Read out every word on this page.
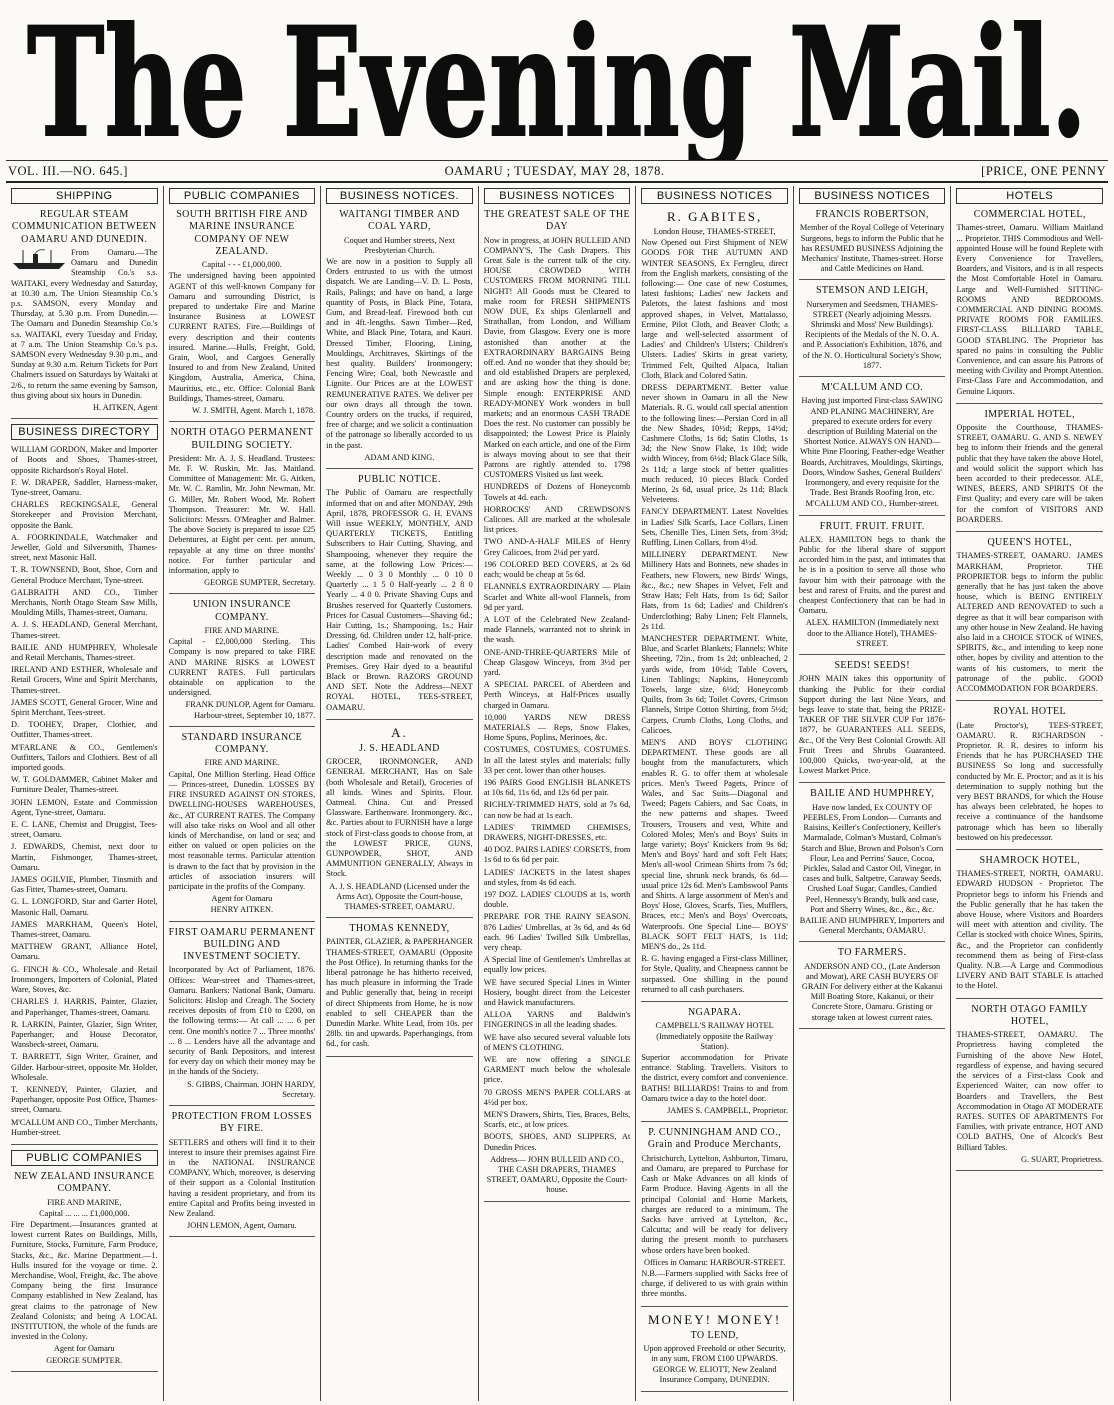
The Evening Mail.
VOL. III.—NO. 645.]	OAMARU ; TUESDAY, MAY 28, 1878.	[PRICE, ONE PENNY
SHIPPING

REGULAR STEAM COMMUNICATION BETWEEN OAMARU AND DUNEDIN.

From Oamaru.—The Oamaru and Dunedin Steamship Co.'s s.s. WAITAKI, every Wednesday and Saturday, at 10.30 a.m. The Union Steamship Co.'s p.s. SAMSON, every Monday and Thursday, at 5.30 p.m. From Dunedin.—The Oamaru and Dunedin Steamship Co.'s s.s. WAITAKI, every Tuesday and Friday, at 7 a.m. The Union Steamship Co.'s p.s. SAMSON every Wednesday 9.30 p.m., and Sunday at 9.30 a.m. Return Tickets for Port Chalmers issued on Saturdays by Waitaki at 2/6., to return the same evening by Samson, thus giving about six hours in Dunedin.

H. AITKEN, Agent

BUSINESS DIRECTORY

WILLIAM GORDON, Maker and Importer of Boots and Shoes, Thames-street, opposite Richardson's Royal Hotel.

F. W. DRAPER, Saddler, Harness-maker, Tyne-street, Oamaru.

CHARLES RECKINGSALE, General Storekeeper and Provision Merchant, opposite the Bank.

A. FOORKINDALE, Watchmaker and Jeweller, Gold and Silversmith, Thames-street, next Masonic Hall.

T. R. TOWNSEND, Boot, Shoe, Corn and General Produce Merchant, Tyne-street.

GALBRAITH AND CO., Timber Merchants, North Otago Steam Saw Mills, Moulding Mills, Thames-street, Oamaru.

A. J. S. HEADLAND, General Merchant, Thames-street.

BAILIE AND HUMPHREY, Wholesale and Retail Merchants, Thames-street.

IRELAND AND ESTHER, Wholesale and Retail Grocers, Wine and Spirit Merchants, Thames-street.

JAMES SCOTT, General Grocer, Wine and Spirit Merchant, Tees-street.

D. TOOHEY, Draper, Clothier, and Outfitter, Thames-street.

M'FARLANE & CO., Gentlemen's Outfitters, Tailors and Clothiers. Best of all imported goods.

W. T. GOLDAMMER, Cabinet Maker and Furniture Dealer, Thames-street.

JOHN LEMON, Estate and Commission Agent, Tyne-street, Oamaru.

E. C. LANE, Chemist and Druggist, Tees-street, Oamaru.

J. EDWARDS, Chemist, next door to Martin, Fishmonger, Thames-street, Oamaru.

JAMES OGILVIE, Plumber, Tinsmith and Gas Fitter, Thames-street, Oamaru.

G. L. LONGFORD, Star and Garter Hotel, Masonic Hall, Oamaru.

JAMES MARKHAM, Queen's Hotel, Thames-street, Oamaru.

MATTHEW GRANT, Alliance Hotel, Oamaru.

G. FINCH & CO., Wholesale and Retail Ironmongers, Importers of Colonial, Plated Ware, Stoves, &c.

CHARLES J. HARRIS, Painter, Glazier, and Paperhanger, Thames-street, Oamaru.

R. LARKIN, Painter, Glazier, Sign Writer, Paperhanger, and House Decorator, Wansbeck-street, Oamaru.

T. BARRETT, Sign Writer, Grainer, and Gilder. Harbour-street, opposite Mr. Holder, Wholesale.

T. KENNEDY, Painter, Glazier, and Paperhanger, opposite Post Office, Thames-street, Oamaru.

M'CALLUM AND CO., Timber Merchants, Humber-street.

PUBLIC COMPANIES

NEW ZEALAND INSURANCE COMPANY.

FIRE AND MARINE,

Capital ... ... ... £1,000,000.

Fire Department.—Insurances granted at lowest current Rates on Buildings, Mills, Furniture, Stocks, Furniture, Farm Produce, Stacks, &c., &c. Marine Department.—1. Hulls insured for the voyage or time. 2. Merchandise, Wool, Freight, &c. The above Company being the first Insurance Company established in New Zealand, has great claims to the patronage of New Zealand Colonists; and being A LOCAL INSTITUTION, the whole of the funds are invested in the Colony.

Agent for Oamaru

GEORGE SUMPTER.

PUBLIC COMPANIES

SOUTH BRITISH FIRE AND MARINE INSURANCE COMPANY OF NEW ZEALAND.

Capital - - - £1,000,000.

The undersigned having been appointed AGENT of this well-known Company for Oamaru and surrounding District, is prepared to undertake Fire and Marine Insurance Business at LOWEST CURRENT RATES. Fire.—Buildings of every description and their contents insured. Marine.—Hulls, Freight, Gold, Grain, Wool, and Cargoes Generally Insured to and from New Zealand, United Kingdom, Australia, America, China, Mauritius, etc., etc. Office: Colonial Bank Buildings, Thames-street, Oamaru.

W. J. SMITH, Agent. March 1, 1878.

NORTH OTAGO PERMANENT BUILDING SOCIETY.

President: Mr. A. J. S. Headland. Trustees: Mr. F. W. Ruskin, Mr. Jas. Maitland. Committee of Management: Mr. G. Aitken, Mr. W. C. Ramlin, Mr. John Newman, Mr. G. Miller, Mr. Robert Wood, Mr. Robert Thompson. Treasurer: Mr. W. Hall. Solicitors: Messrs. O'Meagher and Balmer. The above Society is prepared to issue £25 Debentures, at Eight per cent. per annum, repayable at any time on three months' notice. For further particular and information, apply to

GEORGE SUMPTER, Secretary.

UNION INSURANCE COMPANY.

FIRE AND MARINE.

Capital - £2,000,000 Sterling. This Company is now prepared to take FIRE AND MARINE RISKS at LOWEST CURRENT RATES. Full particulars obtainable on application to the undersigned.

FRANK DUNLOP, Agent for Oamaru. Harbour-street, September 10, 1877.

STANDARD INSURANCE COMPANY.

FIRE AND MARINE.

Capital, One Million Sterling. Head Office — Princes-street, Dunedin. LOSSES BY FIRE INSURED AGAINST ON STORES, DWELLING-HOUSES WAREHOUSES, &c., AT CURRENT RATES. The Company will also take risks on Wool and all other kinds of Merchandise, on land or sea; and either on valued or open policies on the most reasonable terms. Particular attention is drawn to the fact that by provision in the articles of association insurers will participate in the profits of the Company.

Agent for Oamaru

HENRY AITKEN.

FIRST OAMARU PERMANENT BUILDING AND INVESTMENT SOCIETY.

Incorporated by Act of Parliament, 1876. Offices: Wear-street and Thames-street, Oamaru. Bankers: National Bank, Oamaru. Solicitors: Hislop and Creagh. The Society receives deposits of from £10 to £200, on the following terms:— At call ... ... 6 per cent. One month's notice 7 ... Three months' ... 8 ... Lenders have all the advantage and security of Bank Depositors, and interest for every day on which their money may be in the hands of the Society.

S. GIBBS, Chairman. JOHN HARDY, Secretary.

PROTECTION FROM LOSSES BY FIRE.

SETTLERS and others will find it to their interest to insure their premises against Fire in the NATIONAL INSURANCE COMPANY, Which, moreover, is deserving of their support as a Colonial Institution having a resident proprietary, and from its entire Capital and Profits being invested in New Zealand.

JOHN LEMON, Agent, Oamaru.

BUSINESS NOTICES.

WAITANGI TIMBER AND COAL YARD,

Coquet and Humber streets, Next Presbyterian Church.

We are now in a position to Supply all Orders entrusted to us with the utmost dispatch. We are Landing—V. D. L. Posts, Rails, Palings; and have on hand, a large quantity of Posts, in Black Pine, Totara, Gum, and Bread-leaf. Firewood both cut and in 4ft.-lengths. Sawn Timber—Red, White, and Black Pine, Totara, and Kauri. Dressed Timber, Flooring, Lining, Mouldings, Architraves, Skirtings of the best quality. Builders' Ironmongery; Fencing Wire; Coal, both Newcastle and Lignite. Our Prices are at the LOWEST REMUNERATIVE RATES. We deliver per our own drays all through the town. Country orders on the trucks, if required, free of charge; and we solicit a continuation of the patronage so liberally accorded to us in the past.

ADAM AND KING.

PUBLIC NOTICE.

The Public of Oamaru are respectfully informed that on and after MONDAY, 29th April, 1878, PROFESSOR G. H. EVANS Will issue WEEKLY, MONTHLY, AND QUARTERLY TICKETS, Entitling Subscribers to Hair Cutting, Shaving, and Shampooing, whenever they require the same, at the following Low Prices:— Weekly ... 0 3 0 Monthly ... 0 10 0 Quarterly ... 1 5 0 Half-yearly ... 2 8 0 Yearly ... 4 0 0. Private Shaving Cups and Brushes reserved for Quarterly Customers. Prices for Casual Customers—Shaving 6d.; Hair Cutting, 1s.; Shampooing, 1s.; Hair Dressing, 6d. Children under 12, half-price. Ladies' Combed Hair-work of every description made and renovated on the Premises. Grey Hair dyed to a beautiful Black or Brown. RAZORS GROUND AND SET. Note the Address—NEXT ROYAL HOTEL, TEES-STREET, OAMARU.

A.

J. S. HEADLAND

GROCER, IRONMONGER, AND GENERAL MERCHANT, Has on Sale (both Wholesale and Retail), Groceries of all kinds. Wines and Spirits. Flour. Oatmeal. China. Cut and Pressed Glassware. Earthenware. Ironmongery. &c., &c. Parties about to FURNISH have a large stock of First-class goods to choose from, at the LOWEST PRICE. GUNS, GUNPOWDER, SHOT, AND AMMUNITION GENERALLY, Always in Stock.

A. J. S. HEADLAND (Licensed under the Arms Act), Opposite the Court-house, THAMES-STREET, OAMARU.

THOMAS KENNEDY,

PAINTER, GLAZIER, & PAPERHANGER THAMES-STREET, OAMARU (Opposite the Post Office). In returning thanks for the liberal patronage he has hitherto received, has much pleasure in informing the Trade and Public generally that, being in receipt of direct Shipments from Home, he is now enabled to sell CHEAPER than the Dunedin Marke. White Lead, from 10s. per 28lb. tin and upwards. Paperhangings, from 6d., for cash.

BUSINESS NOTICES

THE GREATEST SALE OF THE DAY

Now in progress, at JOHN BULLEID AND COMPANY'S, The Cash Drapers. This Great Sale is the current talk of the city. HOUSE CROWDED WITH CUSTOMERS FROM MORNING TILL NIGHT! All Goods must be Cleared to make room for FRESH SHIPMENTS NOW DUE, Ex ships Glenlarnell and Strathallan, from London, and William Davie, from Glasgow. Every one is more astonished than another at the EXTRAORDINARY BARGAINS Being off.ed. And no wonder that they should be; and old established Drapers are perplexed, and are asking how the thing is done. Simple enough: ENTERPRISE AND READY-MONEY Work wonders in bull markets; and an enormous CASH TRADE Does the rest. No customer can possibly be disappointed; the Lowest Price is Plainly Marked on each article, and one of the Firm is always moving about to see that their Patrons are rightly attended to. 1798 CUSTOMERS Visited us last week.

HUNDREDS of Dozens of Honeycomb Towels at 4d. each.

HORROCKS' AND CREWDSON'S Calicoes. All are marked at the wholesale list prices.

TWO AND-A-HALF MILES of Henry Grey Calicoes, from 2¼d per yard.

196 COLORED BED COVERS, at 2s 6d each; would be cheap at 5s 6d.

FLANNELS EXTRAORDINARY — Plain Scarlet and White all-wool Flannels, from 9d per yard.

A LOT of the Celebrated New Zealand-made Flannels, warranted not to shrink in the wash.

ONE-AND-THREE-QUARTERS Mile of Cheap Glasgow Winceys, from 3½d per yard.

A SPECIAL PARCEL of Aberdeen and Perth Winceys, at Half-Prices usually charged in Oamaru.

10,000 YARDS NEW DRESS MATERIALS — Reps, Snow Flakes, Home Spuns, Poplins, Merinoes, &c.

COSTUMES, COSTUMES, COSTUMES. In all the latest styles and materials; fully 33 per cent. lower than other houses.

196 PAIRS Good ENGLISH BLANKETS at 10s 6d, 11s 6d, and 12s 6d per pair.

RICHLY-TRIMMED HATS, sold at 7s 6d, can now be had at 1s each.

LADIES' TRIMMED CHEMISES, DRAWERS, NIGHT-DRESSES, etc.

40 DOZ. PAIRS LADIES' CORSETS, from 1s 6d to 6s 6d per pair.

LADIES' JACKETS in the latest shapes and styles, from 4s 6d each.

197 DOZ. LADIES' CLOUDS at 1s, worth double.

PREPARE FOR THE RAINY SEASON. 876 Ladies' Umbrellas, at 3s 6d, and 4s 6d each. 96 Ladies' Twilled Silk Umbrellas, very cheap.

A Special line of Gentlemen's Umbrellas at equally low prices.

WE have secured Special Lines in Winter Hosiery, bought direct from the Leicester and Hawick manufacturers.

ALLOA YARNS and Baldwin's FINGERINGS in all the leading shades.

WE have also secured several valuable lots of MEN'S CLOTHING.

WE are now offering a SINGLE GARMENT much below the wholesale price.

70 GROSS MEN'S PAPER COLLARS at 4½d per box.

MEN'S Drawers, Shirts, Ties, Braces, Belts, Scarfs, etc., at low prices.

BOOTS, SHOES, AND SLIPPERS, At Dunedin Prices.

Address— JOHN BULLEID AND CO., THE CASH DRAPERS, THAMES STREET, OAMARU, Opposite the Court-house.

BUSINESS NOTICES

R. GABITES,

London House, THAMES-STREET,

Now Opened out First Shipment of NEW GOODS FOR THE AUTUMN AND WINTER SEASONS, Ex Ferngleu, direct from the English markets, consisting of the following:— One case of new Costumes, latest fashions; Ladies' new Jackets and Paletots, the latest fashions and most approved shapes, in Velvet, Mattalasso, Ermine, Pilot Cloth, and Beaver Cloth; a large and well-selected assortment of Ladies' and Children's Ulsters; Children's Ulsters. Ladies' Skirts in great variety, Trimmed Felt, Quilted Alpaca, Italian Cloth, Black and Colored Satin.

DRESS DEPARTMENT. Better value never shown in Oamaru in all the New Materials. R. G. would call special attention to the following lines:—Persian Cord in all the New Shades, 10½d; Repps, 14½d; Cashmere Cloths, 1s 6d; Satin Cloths, 1s 3d; the New Snow Flake, 1s 10d; wide width Wincey, from 6½d; Black Glace Silk, 2s 11d; a large stock of better qualities much reduced, 10 pieces Black Corded Merino, 2s 6d, usual price, 2s 11d; Black Velveteens.

FANCY DEPARTMENT. Latest Novelties in Ladies' Silk Scarfs, Lace Collars, Linen Sets, Chenille Ties, Linen Sets, from 3½d; Ruffling, Linen Collars, from 4½d.

MILLINERY DEPARTMENT. New Millinery Hats and Bonnets, new shades in Feathers, new Flowers, new Birds' Wings, &c., &c.; new Shapes in Velvet, Felt and Straw Hats; Felt Hats, from 1s 6d; Sailor Hats, from 1s 6d; Ladies' and Children's Underclothing; Baby Linen; Felt Flannels, 2s 11d.

MANCHESTER DEPARTMENT. White, Blue, and Scarlet Blankets; Flannels; White Sheeting, 72in., from 1s 2d; unbleached, 2 yards wide, from 10½d; Table Covers, Linen Tablings; Napkins, Honeycomb Towels, large size, 6½d; Honeycomb Quilts, from 3s 6d; Toilet Covers, Crimson Flannels, Stripe Cotton Shirting, from 5½d; Carpets, Crumb Cloths, Long Cloths, and Calicoes.

MEN'S AND BOYS' CLOTHING DEPARTMENT. These goods are all bought from the manufacturers, which enables R. G. to offer them at wholesale prices. Men's Tweed Pagets, Prince of Wales, and Sac Suits—Diagonal and Tweed; Pagets Cahiers, and Sac Coats, in the new patterns and shapes. Tweed Trousers, Trousers and vest, White and Colored Moles; Men's and Boys' Suits in large variety; Boys' Knickers from 9s 6d; Men's and Boys' hard and soft Felt Hats; Men's all-wool Crimean Shirts from 7s 6d; special line, shrunk neck brands, 6s 6d—usual price 12s 6d. Men's Lambswool Pants and Shirts. A large assortment of Men's and Boys' Hose, Gloves, Scarfs, Ties, Mufflers, Braces, etc.; Men's and Boys' Overcoats, Waterproofs. One Special Line— BOYS' BLACK SOFT FELT HATS, 1s 11d; MEN'S do., 2s 11d.

R. G. having engaged a First-class Milliner, for Style, Quality, and Cheapness cannot be surpassed. One shilling in the pound returned to all cash purchasers.

NGAPARA.

CAMPBELL'S RAILWAY HOTEL (Immediately opposite the Railway Station).

Superior accommodation for Private entrance. Stabling. Travellers. Visitors to the district, every comfort and convenience. BATHS! BILLIARDS! Trains to and from Oamaru twice a day to the hotel door.

JAMES S. CAMPBELL, Proprietor.

P. CUNNINGHAM AND CO., Grain and Produce Merchants,

Christchurch, Lyttelton, Ashburton, Timaru, and Oamaru, are prepared to Purchase for Cash or Make Advances on all kinds of Farm Produce. Having Agents in all the principal Colonial and Home Markets, charges are reduced to a minimum. The Sacks have arrived at Lyttelton, &c., Calcutta; and will be ready for delivery during the present month to purchasers whose orders have been booked.

Offices in Oamaru: HARBOUR-STREET.

N.B.—Farmers supplied with Sacks free of charge, if delivered to us with grain within three months.

MONEY! MONEY!

TO LEND,

Upon approved Freehold or other Security, in any sum, FROM £100 UPWARDS.

GEORGE W. ELIOTT, New Zealand Insurance Company, DUNEDIN.

BUSINESS NOTICES

FRANCIS ROBERTSON,

Member of the Royal College of Veterinary Surgeons, begs to inform the Public that he has RESUMED BUSINESS Adjoining the Mechanics' Institute, Thames-street. Horse and Cattle Medicines on Hand.

STEMSON AND LEIGH,

Nurserymen and Seedsmen, THAMES-STREET (Nearly adjoining Messrs. Shrimski and Moss' New Buildings). Recipients of the Medals of the N. O. A. and P. Association's Exhibition, 1876, and of the N. O. Horticultural Society's Show, 1877.

M'CALLUM AND CO.

Having just imported First-class SAWING AND PLANING MACHINERY, Are prepared to execute orders for every description of Building Material on the Shortest Notice. ALWAYS ON HAND— White Pine Flooring, Feather-edge Weather Boards, Architraves, Mouldings, Skirtings, Doors, Window Sashes, General Builders' Ironmongery, and every requisite for the Trade. Best Brands Roofing Iron, etc.

M'CALLUM AND CO., Humber-street.

FRUIT. FRUIT. FRUIT.

ALEX. HAMILTON begs to thank the Public for the liberal share of support accorded him in the past, and intimates that he is in a position to serve all those who favour him with their patronage with the best and rarest of Fruits, and the purest and cheapest Confectionery that can be had in Oamaru.

ALEX. HAMILTON (Immediately next door to the Alliance Hotel), THAMES-STREET.

SEEDS! SEEDS!

JOHN MAIN takes this opportunity of thanking the Public for their cordial Support during the last Nine Years, and begs leave to state that, being the PRIZE-TAKER OF THE SILVER CUP For 1876-1877, he GUARANTEES ALL SEEDS, &c., Of the Very Best Colonial Growth. All Fruit Trees and Shrubs Guaranteed. 100,000 Quicks, two-year-old, at the Lowest Market Price.

BAILIE AND HUMPHREY,

Have now landed, Ex COUNTY OF PEEBLES, From London— Currants and Raisins, Keiller's Confectionery, Keiller's Marmalade, Colman's Mustard, Colman's Starch and Blue, Brown and Polson's Corn Flour, Lea and Perrins' Sauce, Cocoa, Pickles, Salad and Castor Oil, Vinegar, in cases and bulk, Saltpetre, Caraway Seeds, Crushed Loaf Sugar, Candles, Candied Peel, Hennessy's Brandy, bulk and case, Port and Sherry Wines, &c., &c., &c.

BAILIE AND HUMPHREY, Importers and General Merchants, OAMARU.

TO FARMERS.

ANDERSON AND CO., (Late Anderson and Mowat), ARE CASH BUYERS OF GRAIN For delivery either at the Kakanui Mill Boating Store, Kakanui, or their Concrete Store, Oamaru. Gristing or storage taken at lowest current rates.

HOTELS

COMMERCIAL HOTEL,

Thames-street, Oamaru. William Maitland ... Proprietor. THIS Commodious and Well-appointed House will be found Replete with Every Convenience for Travellers, Boarders, and Visitors, and is in all respects the Most Comfortable Hotel in Oamaru. Large and Well-Furnished SITTING-ROOMS AND BEDROOMS. COMMERCIAL AND DINING ROOMS. PRIVATE ROOMS FOR FAMILIES. FIRST-CLASS BILLIARD TABLE, GOOD STABLING. The Proprietor has spared no pains in consulting the Public Convenience, and can assure his Patrons of meeting with Civility and Prompt Attention. First-Class Fare and Accommodation, and Genuine Liquors.

IMPERIAL HOTEL,

Opposite the Courthouse, THAMES-STREET, OAMARU. G. AND S. NEWEY beg to inform their friends and the general public that they have taken the above Hotel, and would solicit the support which has been accorded to their predecessor. ALE, WINES, BEERS, AND SPIRITS Of the First Quality; and every care will be taken for the comfort of VISITORS AND BOARDERS.

QUEEN'S HOTEL,

THAMES-STREET, OAMARU. JAMES MARKHAM, Proprietor. THE PROPRIETOR begs to inform the public generally that he has just taken the above house, which is BEING ENTIRELY ALTERED AND RENOVATED to such a degree as that it will bear comparison with any other house in New Zealand. He having also laid in a CHOICE STOCK of WINES, SPIRITS, &c., and intending to keep none other, hopes by civility and attention to the wants of his customers, to merit the patronage of the public. GOOD ACCOMMODATION FOR BOARDERS.

ROYAL HOTEL

(Late Proctor's), TEES-STREET, OAMARU. R. RICHARDSON - Proprietor. R. R. desires to inform his Friends that he has PURCHASED THE BUSINESS So long and successfully conducted by Mr. E. Proctor; and as it is his determination to supply nothing but the very BEST BRANDS, for which the House has always been celebrated, he hopes to receive a continuance of the handsome patronage which has been so liberally bestowed on his predecessor.

SHAMROCK HOTEL,

THAMES-STREET, NORTH, OAMARU. EDWARD HUDSON - Proprietor. The Proprietor begs to inform his Friends and the Public generally that he has taken the above House, where Visitors and Boarders will meet with attention and civility. The Cellar is stocked with choice Wines, Spirits, &c., and the Proprietor can confidently recommend them as being of First-class Quality. N.B.—A Large and Commodious LIVERY AND BAIT STABLE Is attached to the Hotel.

NORTH OTAGO FAMILY HOTEL,

THAMES-STREET, OAMARU. The Proprietress having completed the Furnishing of the above New Hotel, regardless of expense, and having secured the services of a First-class Cook and Experienced Waiter, can now offer to Boarders and Travellers, the Best Accommodation in Otago AT MODERATE RATES. SUITES OF APARTMENTS For Families, with private entrance, HOT AND COLD BATHS, One of Alcock's Best Billiard Tables.

G. SUART, Proprietress.
